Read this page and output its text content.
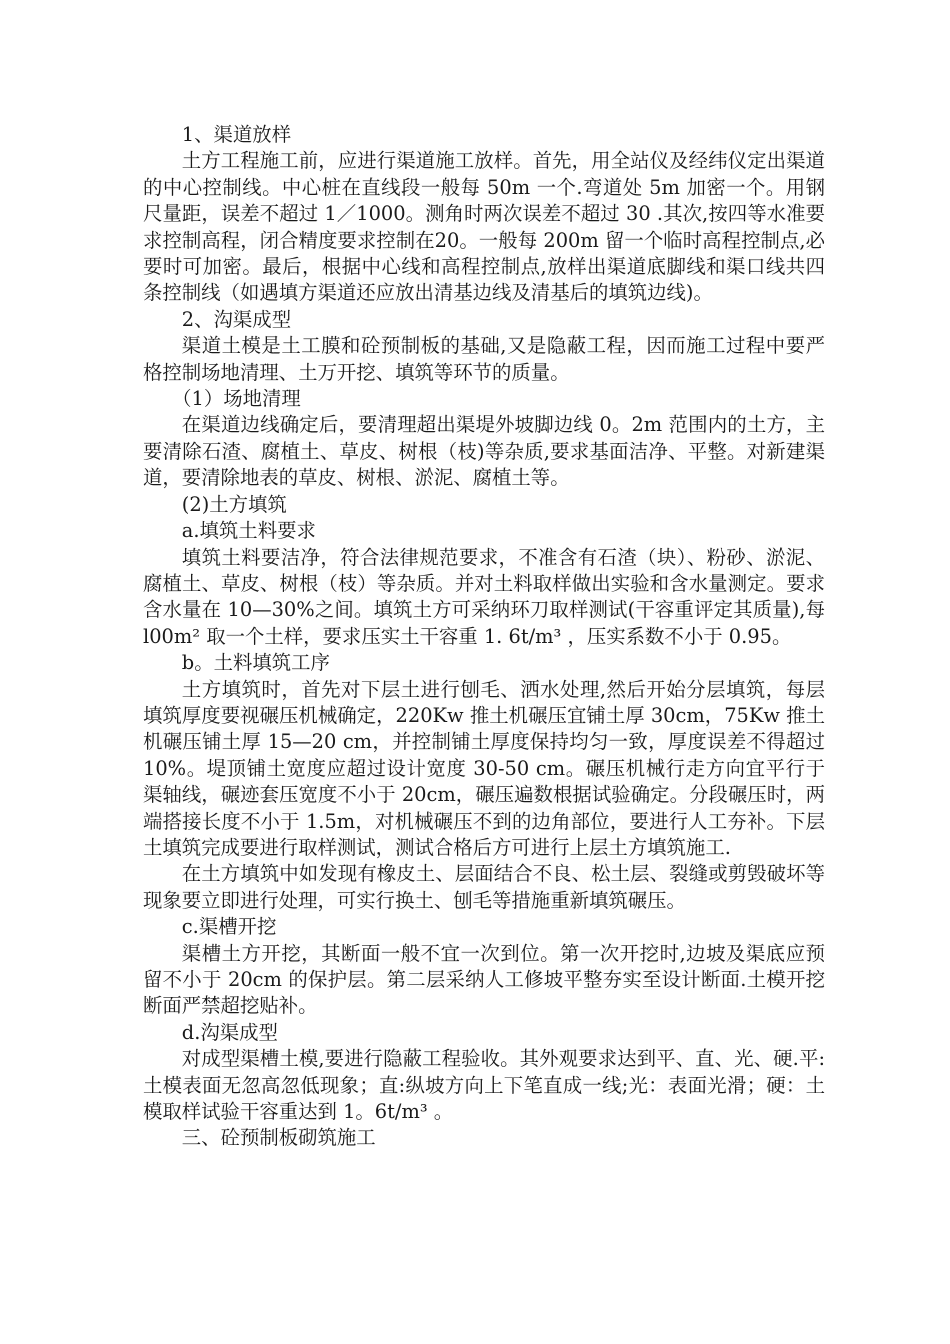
1、渠道放样

土方工程施工前，应进行渠道施工放样。首先，用全站仪及经纬仪定出渠道的中心控制线。中心桩在直线段一般每 50m 一个.弯道处 5m 加密一个。用钢尺量距，误差不超过 1／1000。测角时两次误差不超过 30 .其次,按四等水准要求控制高程，闭合精度要求控制在20。一般每 200m 留一个临时高程控制点,必要时可加密。最后，根据中心线和高程控制点,放样出渠道底脚线和渠口线共四条控制线（如遇填方渠道还应放出清基边线及清基后的填筑边线)。

2、沟渠成型

渠道土模是土工膜和砼预制板的基础,又是隐蔽工程，因而施工过程中要严格控制场地清理、土万开挖、填筑等环节的质量。

（1）场地清理

在渠道边线确定后，要清理超出渠堤外坡脚边线 0。2m 范围内的土方，主要清除石渣、腐植土、草皮、树根（枝)等杂质,要求基面洁净、平整。对新建渠道，要清除地表的草皮、树根、淤泥、腐植土等。

(2)土方填筑

a.填筑土料要求

填筑土料要洁净，符合法律规范要求，不准含有石渣（块）、粉砂、淤泥、腐植土、草皮、树根（枝）等杂质。并对土料取样做出实验和含水量测定。要求含水量在 10—30%之间。填筑土方可采纳环刀取样测试(干容重评定其质量),每 l00m² 取一个土样，要求压实土干容重 1. 6t/m³ ，压实系数不小于 0.95。

b。土料填筑工序

土方填筑时，首先对下层土进行刨毛、洒水处理,然后开始分层填筑，每层填筑厚度要视碾压机械确定，220Kw 推土机碾压宜铺土厚 30cm，75Kw 推土机碾压铺土厚 15—20 cm，并控制铺土厚度保持均匀一致，厚度误差不得超过 10%。堤顶铺土宽度应超过设计宽度 30-50 cm。碾压机械行走方向宜平行于渠轴线，碾迹套压宽度不小于 20cm，碾压遍数根据试验确定。分段碾压时，两端搭接长度不小于 1.5m，对机械碾压不到的边角部位，要进行人工夯补。下层土填筑完成要进行取样测试，测试合格后方可进行上层土方填筑施工.

在土方填筑中如发现有橡皮土、层面结合不良、松土层、裂缝或剪毁破坏等现象要立即进行处理，可实行换土、刨毛等措施重新填筑碾压。

c.渠槽开挖

渠槽土方开挖，其断面一般不宜一次到位。第一次开挖时,边坡及渠底应预留不小于 20cm 的保护层。第二层采纳人工修坡平整夯实至设计断面.土模开挖断面严禁超挖贴补。

d.沟渠成型

对成型渠槽土模,要进行隐蔽工程验收。其外观要求达到平、直、光、硬.平:土模表面无忽高忽低现象；直:纵坡方向上下笔直成一线;光：表面光滑；硬：土模取样试验干容重达到 1。6t/m³ 。

三、砼预制板砌筑施工
